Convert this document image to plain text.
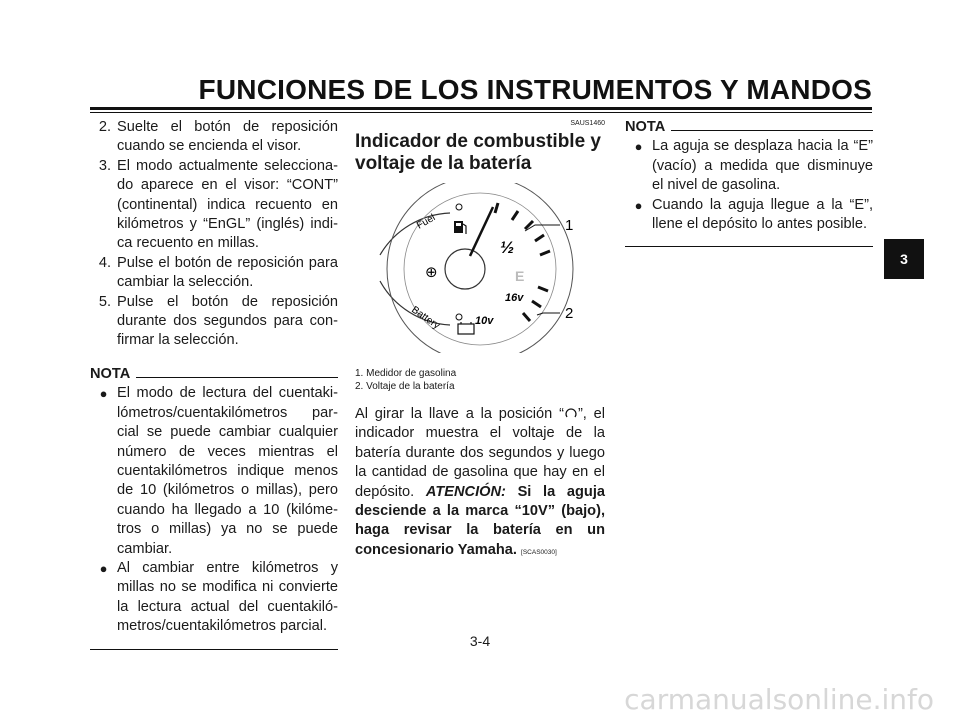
FUNCIONES DE LOS INSTRUMENTOS Y MANDOS
2. Suelte el botón de reposición cuando se encienda el visor.
3. El modo actualmente selecciona-do aparece en el visor: “CONT” (continental) indica recuento en kilómetros y “EnGL” (inglés) indi-ca recuento en millas.
4. Pulse el botón de reposición para cambiar la selección.
5. Pulse el botón de reposición durante dos segundos para con-firmar la selección.
NOTA
● El modo de lectura del cuentaki-lómetros/cuentakilómetros par-cial se puede cambiar cualquier número de veces mientras el cuentakilómetros indique menos de 10 (kilómetros o millas), pero cuando ha llegado a 10 (kilóme-tros o millas) ya no se puede cambiar.
● Al cambiar entre kilómetros y millas no se modifica ni convierte la lectura actual del cuentakiló-metros/cuentakilómetros parcial.
SAUS1460
Indicador de combustible y voltaje de la batería
Fuel
Battery
⊕
½
E
16v
10v
1
2
1. Medidor de gasolina
2. Voltaje de la batería
Al girar la llave a la posición “ ”, el indicador muestra el voltaje de la batería durante dos segundos y luego la cantidad de gasolina que hay en el depósito. ATENCIÓN: Si la aguja desciende a la marca “10V” (bajo), haga revisar la batería en un concesionario Yamaha. [SCAS0030]
NOTA
● La aguja se desplaza hacia la “E” (vacío) a medida que disminuye el nivel de gasolina.
● Cuando la aguja llegue a la “E”, llene el depósito lo antes posible.
3
3-4
carmanualsonline.info
